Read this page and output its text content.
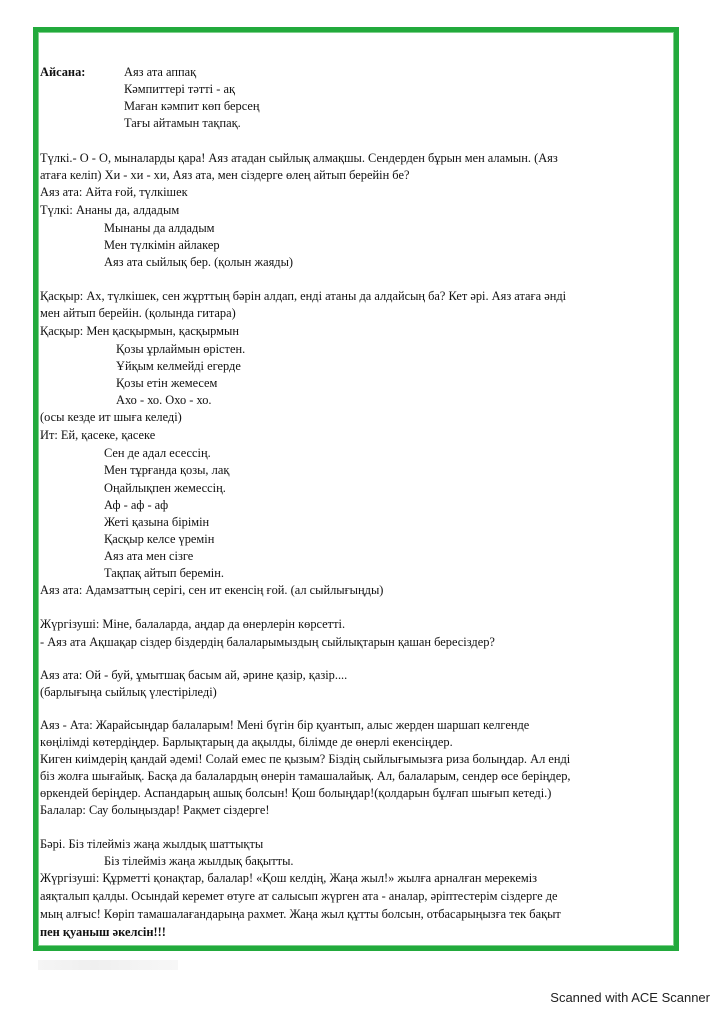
Айсана:	Аяз ата аппақ
Кәмпиттері тәтті - ақ
Маған кәмпит көп берсең
Тағы айтамын тақпақ.
Түлкі.- О - О, мыналарды қара! Аяз атадан сыйлық алмақшы. Сендерден бұрын мен аламын. (Аяз
атаға келіп) Хи - хи - хи, Аяз ата, мен сіздерге өлең айтып берейін бе?
Аяз ата: Айта ғой, түлкішек
Түлкі: Ананы да, алдадым
Мынаны да алдадым
Мен түлкімін айлакер
Аяз ата сыйлық бер. (қолын жаяды)
Қасқыр: Ах, түлкішек, сен жұрттың бәрін алдап, енді атаны да алдайсың ба? Кет әрі. Аяз атаға әнді
мен айтып берейін. (қолында гитара)
Қасқыр: Мен қасқырмын, қасқырмын
Қозы ұрлаймын өрістен.
Ұйқым келмейді егерде
Қозы етін жемесем
Ахо - хо. Охо - хо.
(осы кезде ит шыға келеді)
Ит: Ей, қасеке, қасеке
Сен де адал есессің.
Мен тұрғанда қозы, лақ
Оңайлықпен жемессің.
Аф - аф - аф
Жеті қазына бірімін
Қасқыр келсе үремін
Аяз ата мен сізге
Тақпақ айтып беремін.
Аяз ата: Адамзаттың серігі, сен ит екенсің ғой. (ал сыйлығыңды)
Жүргізуші: Міне, балаларда, аңдар да өнерлерін көрсетті.
- Аяз ата Ақшақар сіздер біздердің балаларымыздың сыйлықтарын қашан бересіздер?
Аяз ата: Ой - буй, ұмытшақ басым ай, әрине қазір, қазір....
(барлығыңа сыйлық үлестіріледі)
Аяз - Ата: Жарайсыңдар балаларым! Мені бүгін бір қуантып, алыс жерден шаршап келгенде
көңілімді көтердіңдер. Барлықтарың да ақылды, білімде де өнерлі екенсіңдер.
Киген киімдерің қандай әдемі! Солай емес пе қызым? Біздің сыйлығымызға риза болыңдар. Ал енді
біз жолға шығайық. Басқа да балалардың өнерін тамашалайық. Ал, балаларым, сендер өсе беріңдер,
өркендей беріңдер. Аспандарың ашық болсын! Қош болыңдар!(қолдарын бұлғап шығып кетеді.)
Балалар: Сау болыңыздар! Рақмет сіздерге!
Бәрі. Біз тілейміз жаңа жылдық шаттықты
Біз тілейміз жаңа жылдық бақытты.
Жүргізуші: Құрметті қонақтар, балалар! «Қош келдің, Жаңа жыл!» жылға арналған мерекеміз
аяқталып қалды. Осындай керемет өтуге ат салысып жүрген ата - аналар, әріптестерім сіздерге де
мың алғыс! Көріп тамашалағандарыңа рахмет. Жаңа жыл құтты болсын, отбасарыңызға тек бақыт
пен қуаныш әкелсін!!!
Scanned with ACE Scanner
